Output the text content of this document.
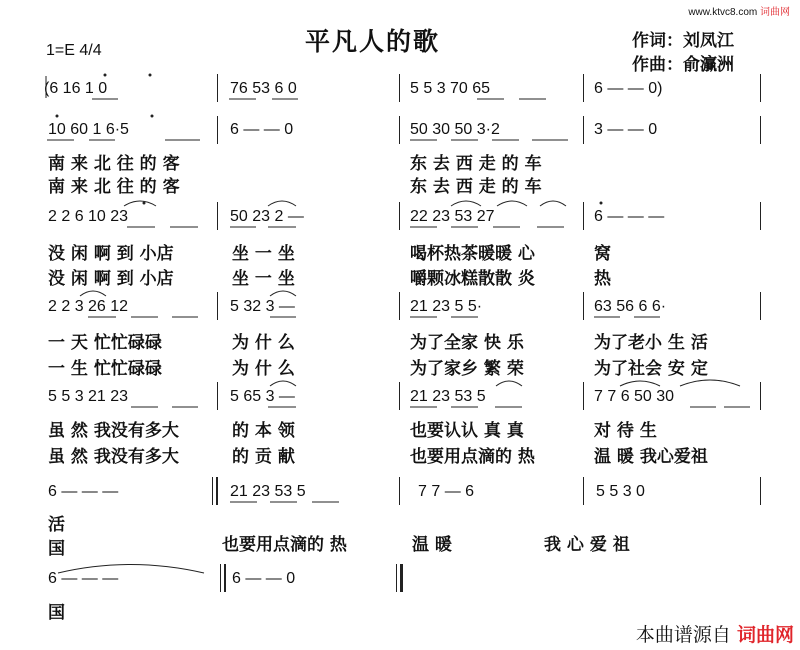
www.ktvc8.com 词曲网
平凡人的歌
1=E 4/4	作词：刘凤江
作曲：俞灜洲
(6 16 1 0	76 53 6 0	5 5 3 70 65	6 — — 0)
10 60 1 6·5	6 — — 0	50 30 50 3·2	3 — — 0
南 来 北 往 的 客	东 去 西 走 的 车
南 来 北 往 的 客	东 去 西 走 的 车
2 2 6 10 23	50 23 2 —	22 23 53 27	6 — — —
没 闲 啊 到 小店	坐 一 坐	喝杯热茶暖暖 心	窝
没 闲 啊 到 小店	坐 一 坐	嚼颗冰糕散散 炎	热
2 2 3 26 12	5 32 3 —	21 23 5 5·	63 56 6 6·
一 天 忙忙碌碌	为 什 么	为了全家 快 乐	为了老小 生 活
一 生 忙忙碌碌	为 什 么	为了家乡 繁 荣	为了社会 安 定
5 5 3 21 23	5 65 3 —	21 23 53 5	7 7 6 50 30
虽 然 我没有多大	的 本 领	也要认认 真 真	对 待 生
虽 然 我没有多大	的 贡 献	也要用点滴的 热	温 暖 我心爱祖
6 — — —	21 23 53 5	7 7 — 6	5 5 3 0
活
国	也要用点滴的 热	温 暖	我 心 爱 祖
6 — — —	6 — — 0
国
本曲谱源自 词曲网
